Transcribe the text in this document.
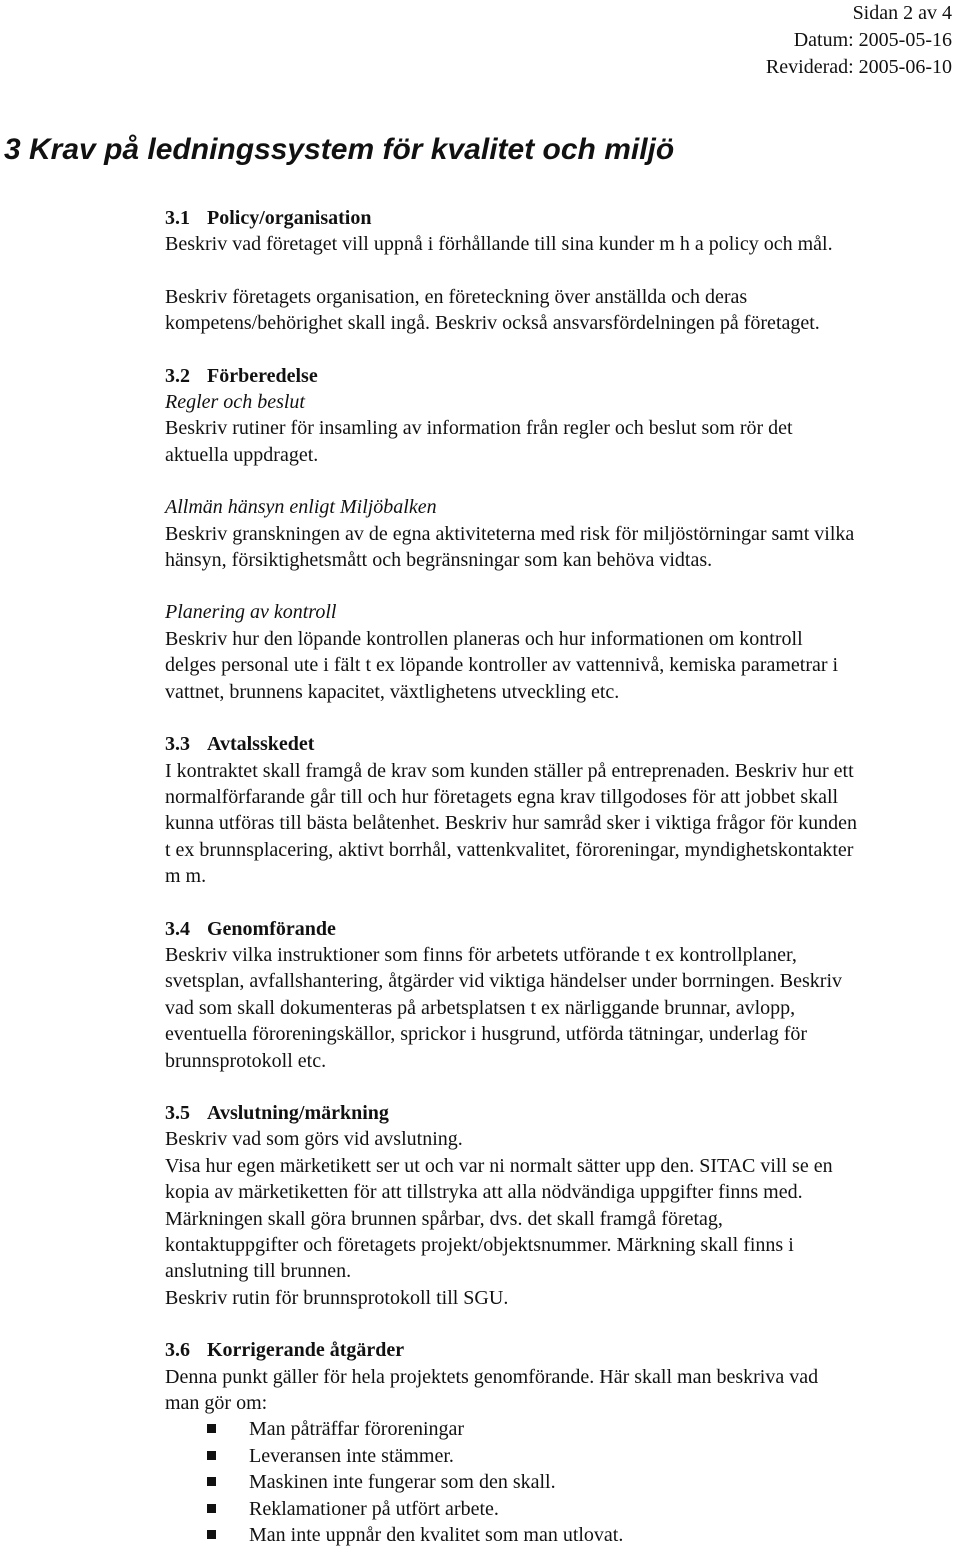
Sidan 2 av 4
Datum: 2005-05-16
Reviderad: 2005-06-10
3 Krav på ledningssystem för kvalitet och miljö

3.1 Policy/organisation

Beskriv vad företaget vill uppnå i förhållande till sina kunder m h a policy och mål.

Beskriv företagets organisation, en företeckning över anställda och deras

kompetens/behörighet skall ingå. Beskriv också ansvarsfördelningen på företaget.

3.2 Förberedelse

Regler och beslut

Beskriv rutiner för insamling av information från regler och beslut som rör det

aktuella uppdraget.

Allmän hänsyn enligt Miljöbalken

Beskriv granskningen av de egna aktiviteterna med risk för miljöstörningar samt vilka

hänsyn, försiktighetsmått och begränsningar som kan behöva vidtas.

Planering av kontroll

Beskriv hur den löpande kontrollen planeras och hur informationen om kontroll

delges personal ute i fält t ex löpande kontroller av vattennivå, kemiska parametrar i

vattnet, brunnens kapacitet, växtlighetens utveckling etc.

3.3 Avtalsskedet

I kontraktet skall framgå de krav som kunden ställer på entreprenaden. Beskriv hur ett

normalförfarande går till och hur företagets egna krav tillgodoses för att jobbet skall

kunna utföras till bästa belåtenhet. Beskriv hur samråd sker i viktiga frågor för kunden

t ex brunnsplacering, aktivt borrhål, vattenkvalitet, föroreningar, myndighetskontakter

m m.

3.4 Genomförande

Beskriv vilka instruktioner som finns för arbetets utförande t ex kontrollplaner,

svetsplan, avfallshantering, åtgärder vid viktiga händelser under borrningen. Beskriv

vad som skall dokumenteras på arbetsplatsen t ex närliggande brunnar, avlopp,

eventuella föroreningskällor, sprickor i husgrund, utförda tätningar, underlag för

brunnsprotokoll etc.

3.5 Avslutning/märkning

Beskriv vad som görs vid avslutning.

Visa hur egen märketikett ser ut och var ni normalt sätter upp den. SITAC vill se en

kopia av märketiketten för att tillstryka att alla nödvändiga uppgifter finns med.

Märkningen skall göra brunnen spårbar, dvs. det skall framgå företag,

kontaktuppgifter och företagets projekt/objektsnummer. Märkning skall finns i

anslutning till brunnen.

Beskriv rutin för brunnsprotokoll till SGU.

3.6 Korrigerande åtgärder

Denna punkt gäller för hela projektets genomförande. Här skall man beskriva vad

man gör om:

Man påträffar föroreningar
Leveransen inte stämmer.
Maskinen inte fungerar som den skall.
Reklamationer på utfört arbete.
Man inte uppnår den kvalitet som man utlovat.
